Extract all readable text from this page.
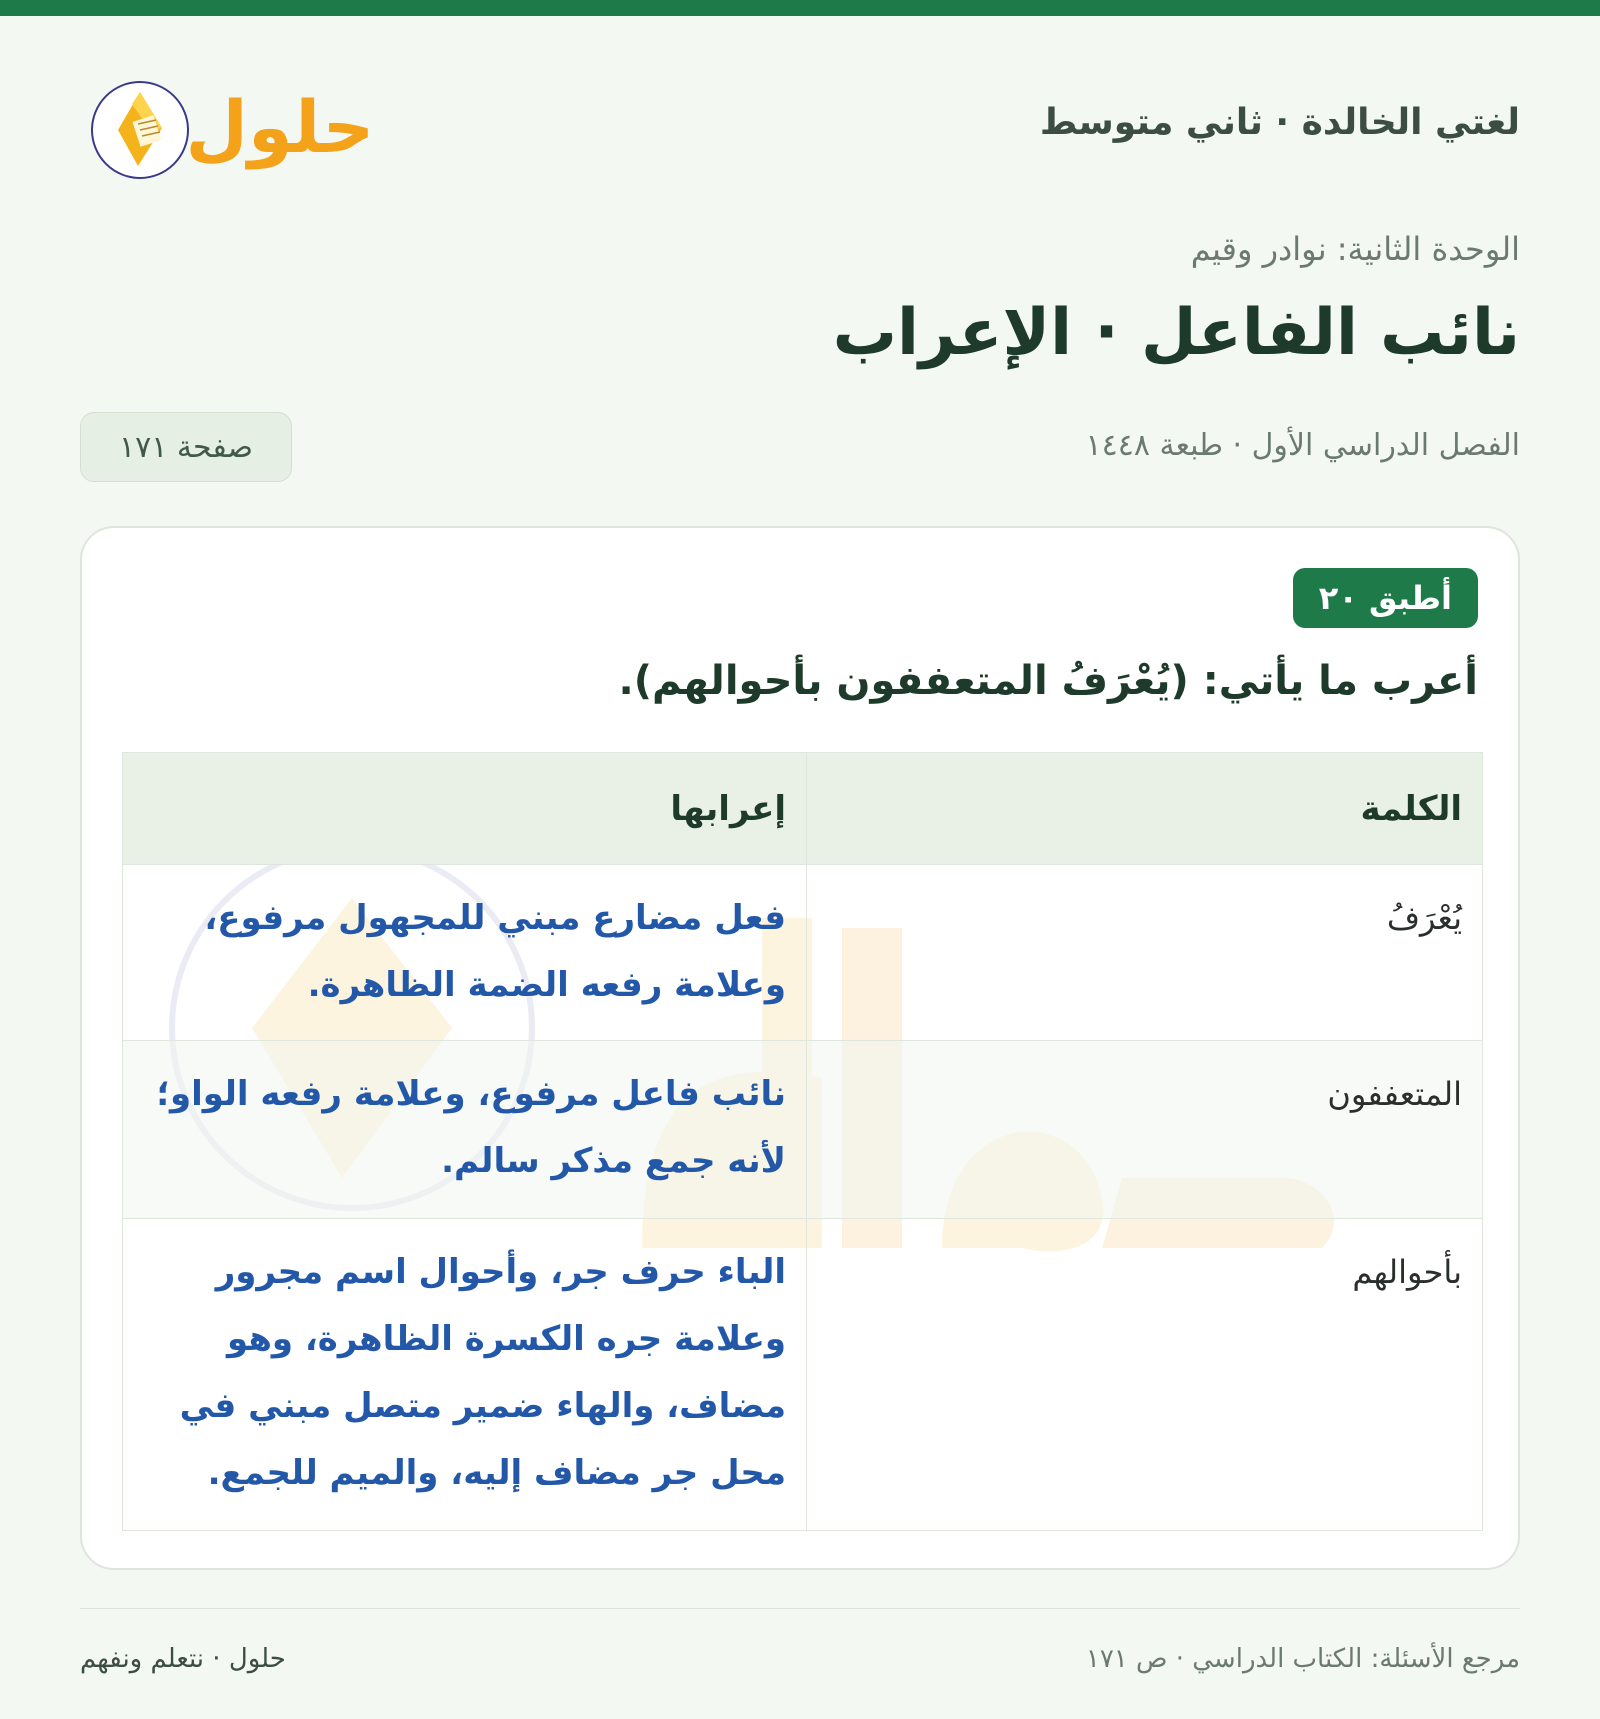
لغتي الخالدة · ثاني متوسط
حلول
الوحدة الثانية: نوادر وقيم
نائب الفاعل · الإعراب
الفصل الدراسي الأول · طبعة ١٤٤٨
صفحة ١٧١
أطبق ٢٠
أعرب ما يأتي: (يُعْرَفُ المتعففون بأحوالهم).
الكلمة	إعرابها
يُعْرَفُ	فعل مضارع مبني للمجهول مرفوع، وعلامة رفعه الضمة الظاهرة.
المتعففون	نائب فاعل مرفوع، وعلامة رفعه الواو؛ لأنه جمع مذكر سالم.
بأحوالهم	الباء حرف جر، وأحوال اسم مجرور وعلامة جره الكسرة الظاهرة، وهو مضاف، والهاء ضمير متصل مبني في محل جر مضاف إليه، والميم للجمع.
مرجع الأسئلة: الكتاب الدراسي · ص ١٧١
حلول · نتعلم ونفهم
